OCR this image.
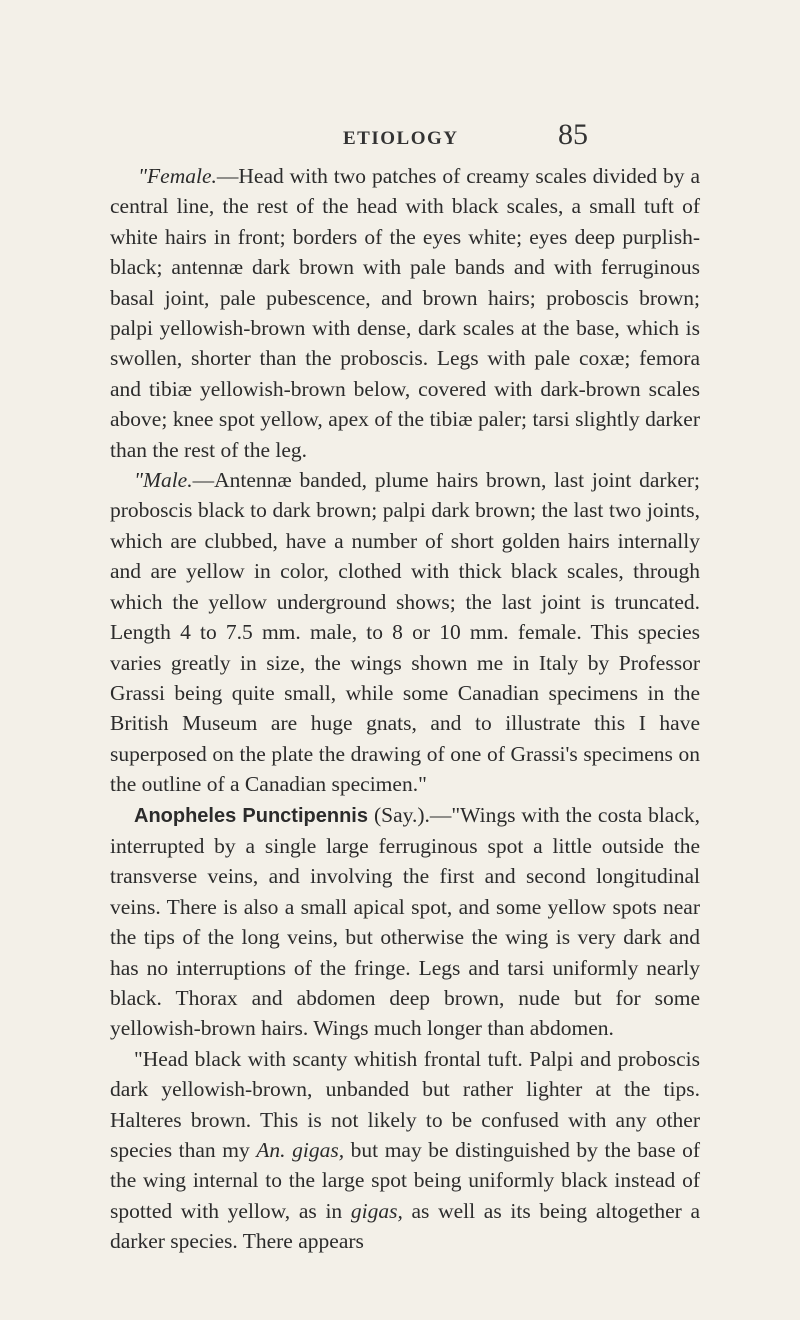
ETIOLOGY	85

"Female.—Head with two patches of creamy scales divided by a central line, the rest of the head with black scales, a small tuft of white hairs in front; borders of the eyes white; eyes deep purplish-black; antennæ dark brown with pale bands and with ferruginous basal joint, pale pubescence, and brown hairs; proboscis brown; palpi yellowish-brown with dense, dark scales at the base, which is swollen, shorter than the proboscis. Legs with pale coxæ; femora and tibiæ yellowish-brown below, covered with dark-brown scales above; knee spot yellow, apex of the tibiæ paler; tarsi slightly darker than the rest of the leg.

"Male.—Antennæ banded, plume hairs brown, last joint darker; proboscis black to dark brown; palpi dark brown; the last two joints, which are clubbed, have a number of short golden hairs internally and are yellow in color, clothed with thick black scales, through which the yellow underground shows; the last joint is truncated. Length 4 to 7.5 mm. male, to 8 or 10 mm. female. This species varies greatly in size, the wings shown me in Italy by Professor Grassi being quite small, while some Canadian specimens in the British Museum are huge gnats, and to illustrate this I have superposed on the plate the drawing of one of Grassi's specimens on the outline of a Canadian specimen."

Anopheles Punctipennis (Say.).—"Wings with the costa black, interrupted by a single large ferruginous spot a little outside the transverse veins, and involving the first and second longitudinal veins. There is also a small apical spot, and some yellow spots near the tips of the long veins, but otherwise the wing is very dark and has no interruptions of the fringe. Legs and tarsi uniformly nearly black. Thorax and abdomen deep brown, nude but for some yellowish-brown hairs. Wings much longer than abdomen.

"Head black with scanty whitish frontal tuft. Palpi and proboscis dark yellowish-brown, unbanded but rather lighter at the tips. Halteres brown. This is not likely to be confused with any other species than my An. gigas, but may be distinguished by the base of the wing internal to the large spot being uniformly black instead of spotted with yellow, as in gigas, as well as its being altogether a darker species. There appears
